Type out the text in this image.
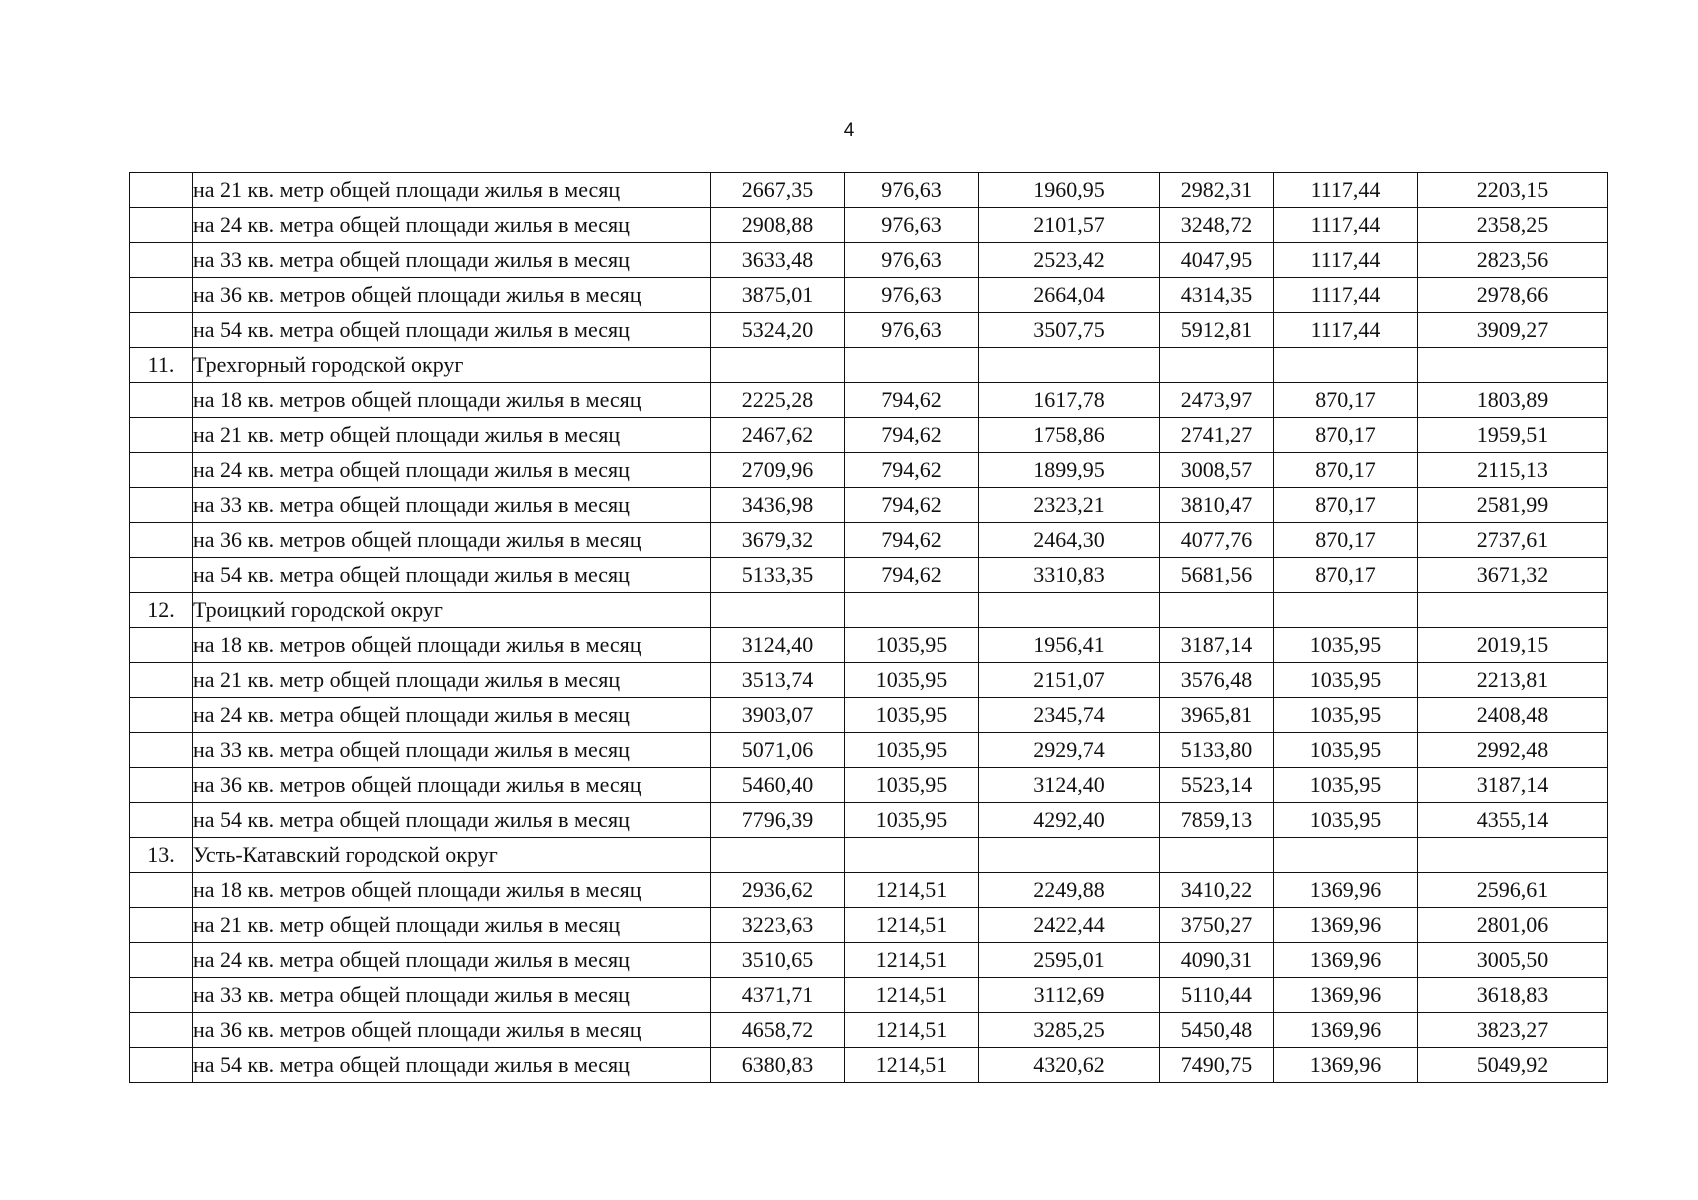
4
	на 21 кв. метр общей площади жилья в месяц	2667,35	976,63	1960,95	2982,31	1117,44	2203,15
	на 24 кв. метра общей площади жилья в месяц	2908,88	976,63	2101,57	3248,72	1117,44	2358,25
	на 33 кв. метра общей площади жилья в месяц	3633,48	976,63	2523,42	4047,95	1117,44	2823,56
	на 36 кв. метров общей площади жилья в месяц	3875,01	976,63	2664,04	4314,35	1117,44	2978,66
	на 54 кв. метра общей площади жилья в месяц	5324,20	976,63	3507,75	5912,81	1117,44	3909,27
11.	Трехгорный городской округ						
	на 18 кв. метров общей площади жилья в месяц	2225,28	794,62	1617,78	2473,97	870,17	1803,89
	на 21 кв. метр общей площади жилья в месяц	2467,62	794,62	1758,86	2741,27	870,17	1959,51
	на 24 кв. метра общей площади жилья в месяц	2709,96	794,62	1899,95	3008,57	870,17	2115,13
	на 33 кв. метра общей площади жилья в месяц	3436,98	794,62	2323,21	3810,47	870,17	2581,99
	на 36 кв. метров общей площади жилья в месяц	3679,32	794,62	2464,30	4077,76	870,17	2737,61
	на 54 кв. метра общей площади жилья в месяц	5133,35	794,62	3310,83	5681,56	870,17	3671,32
12.	Троицкий городской округ						
	на 18 кв. метров общей площади жилья в месяц	3124,40	1035,95	1956,41	3187,14	1035,95	2019,15
	на 21 кв. метр общей площади жилья в месяц	3513,74	1035,95	2151,07	3576,48	1035,95	2213,81
	на 24 кв. метра общей площади жилья в месяц	3903,07	1035,95	2345,74	3965,81	1035,95	2408,48
	на 33 кв. метра общей площади жилья в месяц	5071,06	1035,95	2929,74	5133,80	1035,95	2992,48
	на 36 кв. метров общей площади жилья в месяц	5460,40	1035,95	3124,40	5523,14	1035,95	3187,14
	на 54 кв. метра общей площади жилья в месяц	7796,39	1035,95	4292,40	7859,13	1035,95	4355,14
13.	Усть-Катавский городской округ						
	на 18 кв. метров общей площади жилья в месяц	2936,62	1214,51	2249,88	3410,22	1369,96	2596,61
	на 21 кв. метр общей площади жилья в месяц	3223,63	1214,51	2422,44	3750,27	1369,96	2801,06
	на 24 кв. метра общей площади жилья в месяц	3510,65	1214,51	2595,01	4090,31	1369,96	3005,50
	на 33 кв. метра общей площади жилья в месяц	4371,71	1214,51	3112,69	5110,44	1369,96	3618,83
	на 36 кв. метров общей площади жилья в месяц	4658,72	1214,51	3285,25	5450,48	1369,96	3823,27
	на 54 кв. метра общей площади жилья в месяц	6380,83	1214,51	4320,62	7490,75	1369,96	5049,92
